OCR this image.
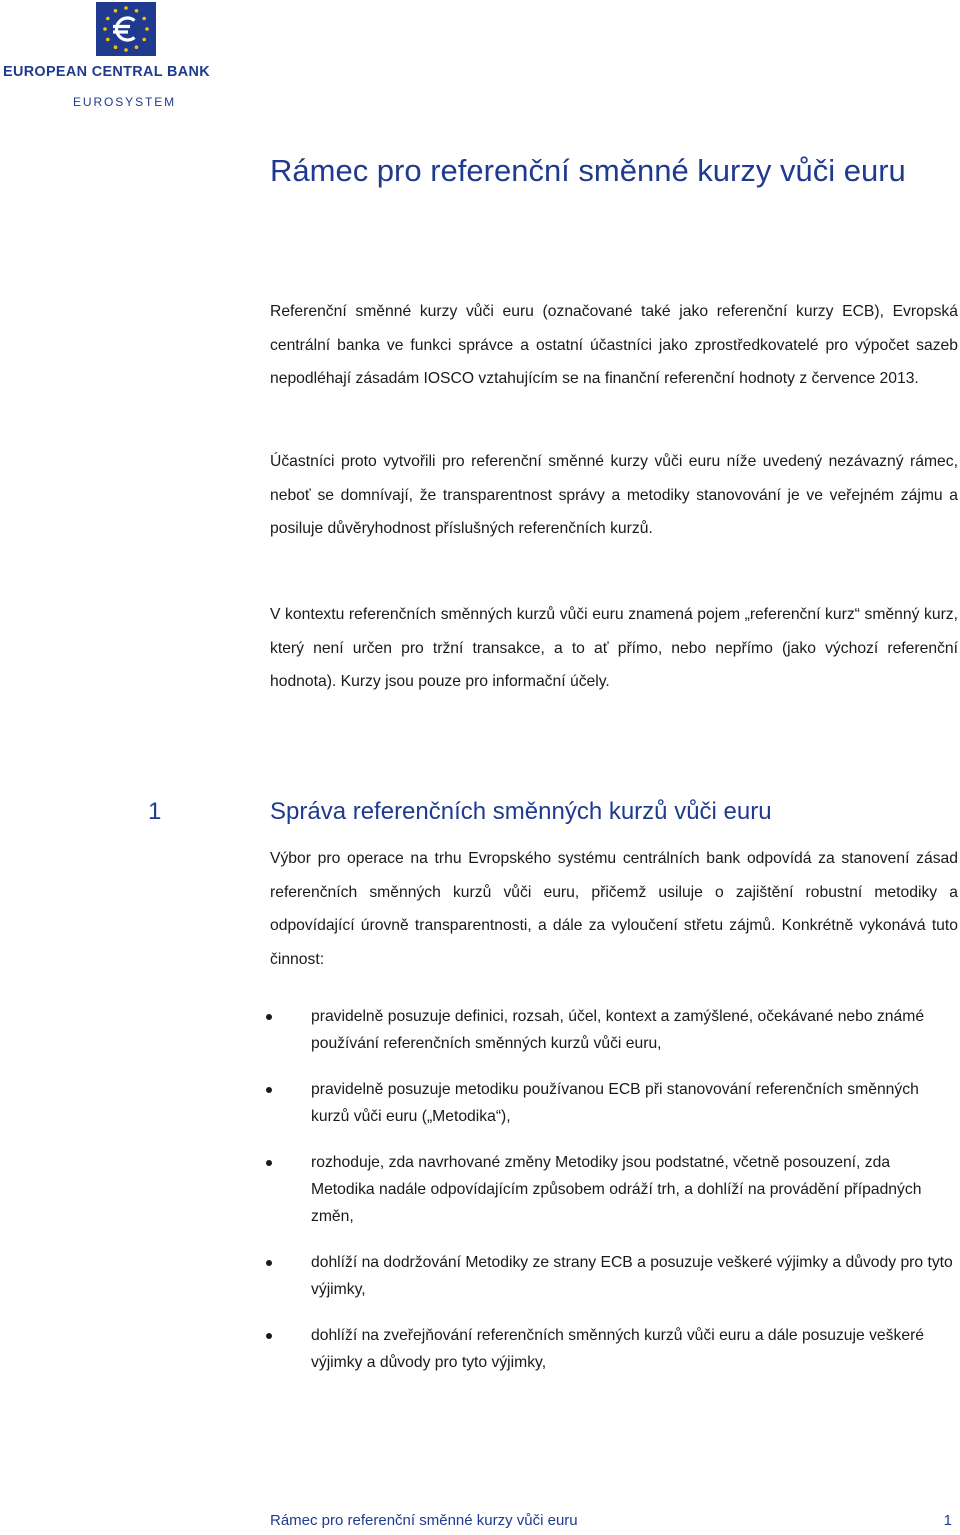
EUROPEAN CENTRAL BANK
EUROSYSTEM
Rámec pro referenční směnné kurzy vůči euru

Referenční směnné kurzy vůči euru (označované také jako referenční kurzy ECB), Evropská centrální banka ve funkci správce a ostatní účastníci jako zprostředkovatelé pro výpočet sazeb nepodléhají zásadám IOSCO vztahujícím se na finanční referenční hodnoty z července 2013.

Účastníci proto vytvořili pro referenční směnné kurzy vůči euru níže uvedený nezávazný rámec, neboť se domnívají, že transparentnost správy a metodiky stanovování je ve veřejném zájmu a posiluje důvěryhodnost příslušných referenčních kurzů.

V kontextu referenčních směnných kurzů vůči euru znamená pojem „referenční kurz“ směnný kurz, který není určen pro tržní transakce, a to ať přímo, nebo nepřímo (jako výchozí referenční hodnota). Kurzy jsou pouze pro informační účely.

1	Správa referenčních směnných kurzů vůči euru

Výbor pro operace na trhu Evropského systému centrálních bank odpovídá za stanovení zásad referenčních směnných kurzů vůči euru, přičemž usiluje o zajištění robustní metodiky a odpovídající úrovně transparentnosti, a dále za vyloučení střetu zájmů. Konkrétně vykonává tuto činnost:

pravidelně posuzuje definici, rozsah, účel, kontext a zamýšlené, očekávané nebo známé používání referenčních směnných kurzů vůči euru,
pravidelně posuzuje metodiku používanou ECB při stanovování referenčních směnných kurzů vůči euru („Metodika“),
rozhoduje, zda navrhované změny Metodiky jsou podstatné, včetně posouzení, zda Metodika nadále odpovídajícím způsobem odráží trh, a dohlíží na provádění případných změn,
dohlíží na dodržování Metodiky ze strany ECB a posuzuje veškeré výjimky a důvody pro tyto výjimky,
dohlíží na zveřejňování referenčních směnných kurzů vůči euru a dále posuzuje veškeré výjimky a důvody pro tyto výjimky,
Rámec pro referenční směnné kurzy vůči euru	1
